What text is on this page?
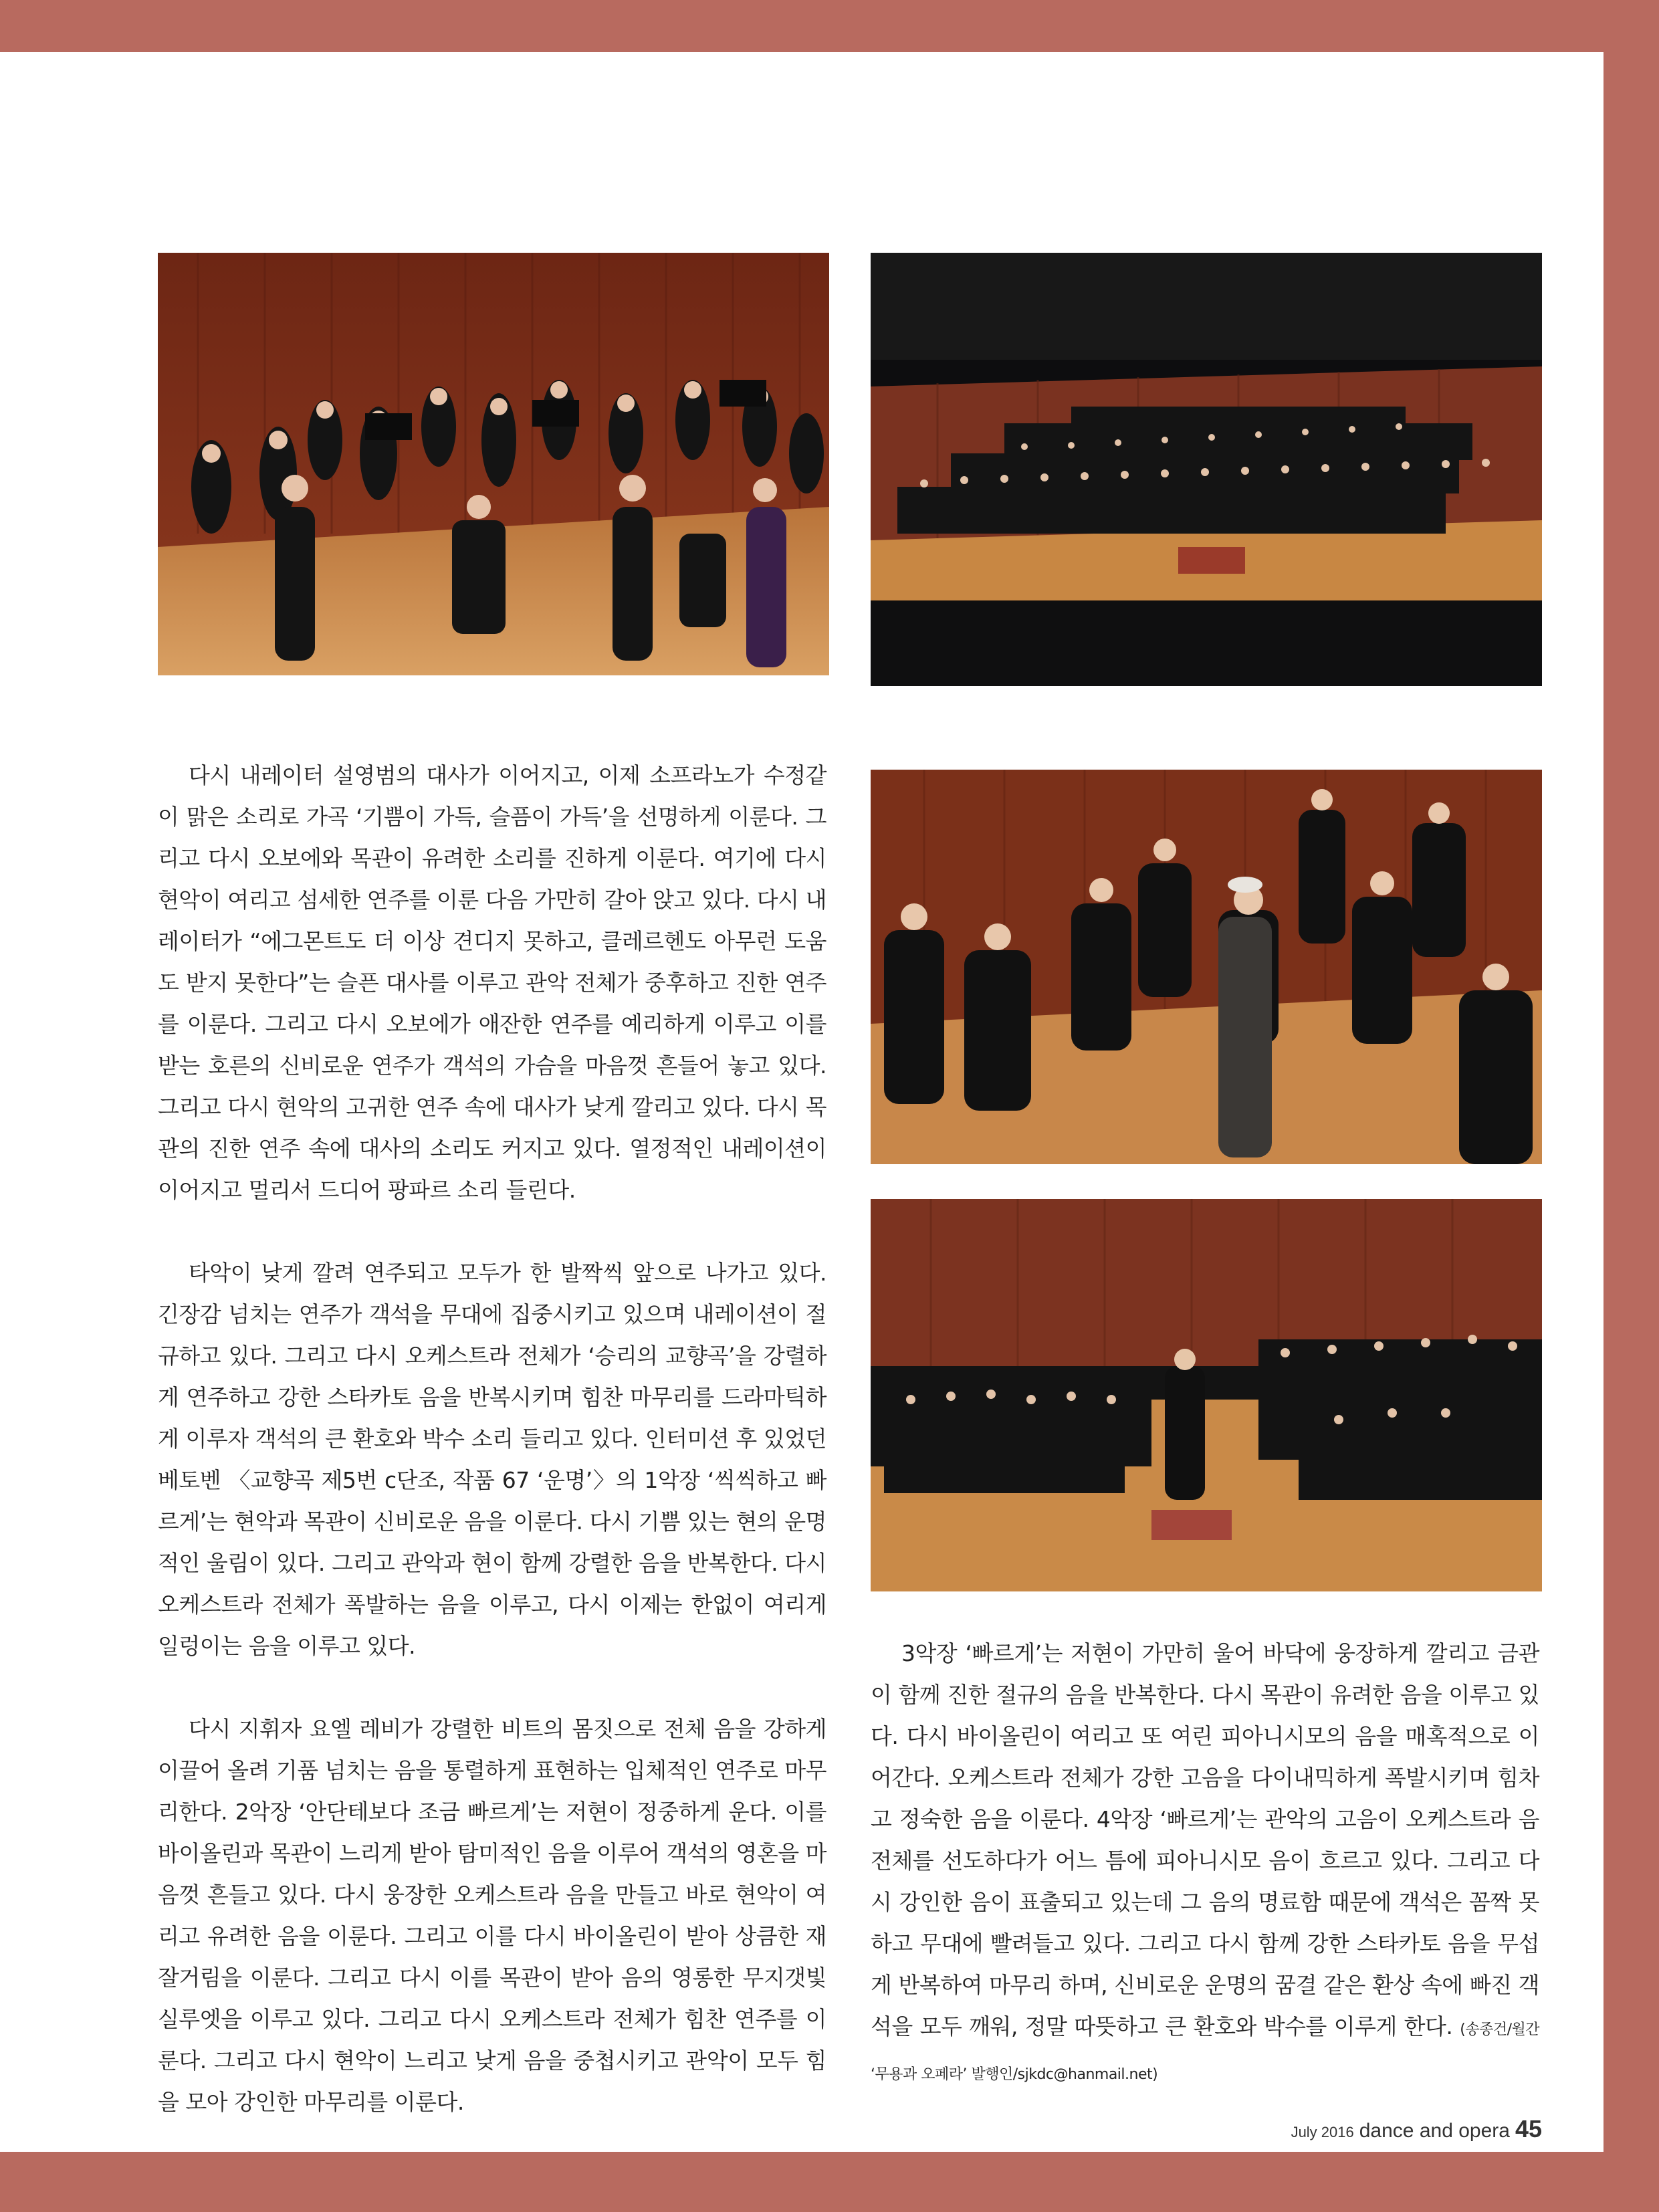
다시 내레이터 설영범의 대사가 이어지고, 이제 소프라노가 수정같이 맑은 소리로 가곡 ‘기쁨이 가득, 슬픔이 가득’을 선명하게 이룬다. 그리고 다시 오보에와 목관이 유려한 소리를 진하게 이룬다. 여기에 다시 현악이 여리고 섬세한 연주를 이룬 다음 가만히 갈아 앉고 있다. 다시 내레이터가 “에그몬트도 더 이상 견디지 못하고, 클레르헨도 아무런 도움도 받지 못한다”는 슬픈 대사를 이루고 관악 전체가 중후하고 진한 연주를 이룬다. 그리고 다시 오보에가 애잔한 연주를 예리하게 이루고 이를 받는 호른의 신비로운 연주가 객석의 가슴을 마음껏 흔들어 놓고 있다. 그리고 다시 현악의 고귀한 연주 속에 대사가 낮게 깔리고 있다. 다시 목관의 진한 연주 속에 대사의 소리도 커지고 있다. 열정적인 내레이션이 이어지고 멀리서 드디어 팡파르 소리 들린다.

타악이 낮게 깔려 연주되고 모두가 한 발짝씩 앞으로 나가고 있다. 긴장감 넘치는 연주가 객석을 무대에 집중시키고 있으며 내레이션이 절규하고 있다. 그리고 다시 오케스트라 전체가 ‘승리의 교향곡’을 강렬하게 연주하고 강한 스타카토 음을 반복시키며 힘찬 마무리를 드라마틱하게 이루자 객석의 큰 환호와 박수 소리 들리고 있다. 인터미션 후 있었던 베토벤 〈교향곡 제5번 c단조, 작품 67 ‘운명’〉의 1악장 ‘씩씩하고 빠르게’는 현악과 목관이 신비로운 음을 이룬다. 다시 기쁨 있는 현의 운명적인 울림이 있다. 그리고 관악과 현이 함께 강렬한 음을 반복한다. 다시 오케스트라 전체가 폭발하는 음을 이루고, 다시 이제는 한없이 여리게 일렁이는 음을 이루고 있다.

다시 지휘자 요엘 레비가 강렬한 비트의 몸짓으로 전체 음을 강하게 이끌어 올려 기품 넘치는 음을 통렬하게 표현하는 입체적인 연주로 마무리한다. 2악장 ‘안단테보다 조금 빠르게’는 저현이 정중하게 운다. 이를 바이올린과 목관이 느리게 받아 탐미적인 음을 이루어 객석의 영혼을 마음껏 흔들고 있다. 다시 웅장한 오케스트라 음을 만들고 바로 현악이 여리고 유려한 음을 이룬다. 그리고 이를 다시 바이올린이 받아 상큼한 재잘거림을 이룬다. 그리고 다시 이를 목관이 받아 음의 영롱한 무지갯빛 실루엣을 이루고 있다. 그리고 다시 오케스트라 전체가 힘찬 연주를 이룬다. 그리고 다시 현악이 느리고 낮게 음을 중첩시키고 관악이 모두 힘을 모아 강인한 마무리를 이룬다.

3악장 ‘빠르게’는 저현이 가만히 울어 바닥에 웅장하게 깔리고 금관이 함께 진한 절규의 음을 반복한다. 다시 목관이 유려한 음을 이루고 있다. 다시 바이올린이 여리고 또 여린 피아니시모의 음을 매혹적으로 이어간다. 오케스트라 전체가 강한 고음을 다이내믹하게 폭발시키며 힘차고 정숙한 음을 이룬다. 4악장 ‘빠르게’는 관악의 고음이 오케스트라 음 전체를 선도하다가 어느 틈에 피아니시모 음이 흐르고 있다. 그리고 다시 강인한 음이 표출되고 있는데 그 음의 명료함 때문에 객석은 꼼짝 못하고 무대에 빨려들고 있다. 그리고 다시 함께 강한 스타카토 음을 무섭게 반복하여 마무리 하며, 신비로운 운명의 꿈결 같은 환상 속에 빠진 객석을 모두 깨워, 정말 따뜻하고 큰 환호와 박수를 이루게 한다. (송종건/월간 ‘무용과 오페라’ 발행인/sjkdc@hanmail.net)

July 2016 dance and opera 45
